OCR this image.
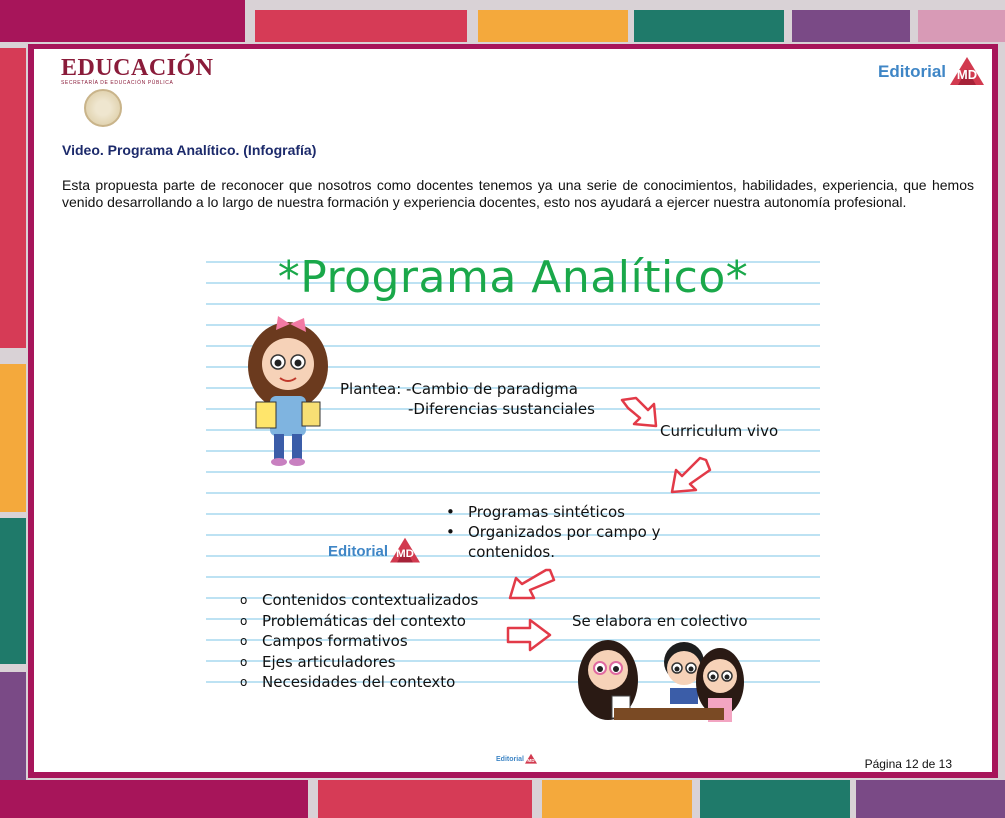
EDUCACIÓN
SECRETARÍA DE EDUCACIÓN PÚBLICA
Editorial MD
Video. Programa Analítico. (Infografía)
Esta propuesta parte de reconocer que nosotros como docentes tenemos ya una serie de conocimientos, habilidades, experiencia, que hemos venido desarrollando a lo largo de nuestra formación y experiencia docentes, esto nos ayudará a ejercer nuestra autonomía profesional.
*Programa Analítico*
Plantea: -Cambio de paradigma
-Diferencias sustanciales
Curriculum vivo
• Programas sintéticos
• Organizados por campo y
contenidos.
Editorial MD
o Contenidos contextualizados
o Problemáticas del contexto
o Campos formativos
o Ejes articuladores
o Necesidades del contexto
Se elabora en colectivo
Editorial MD	Página 12 de 13
